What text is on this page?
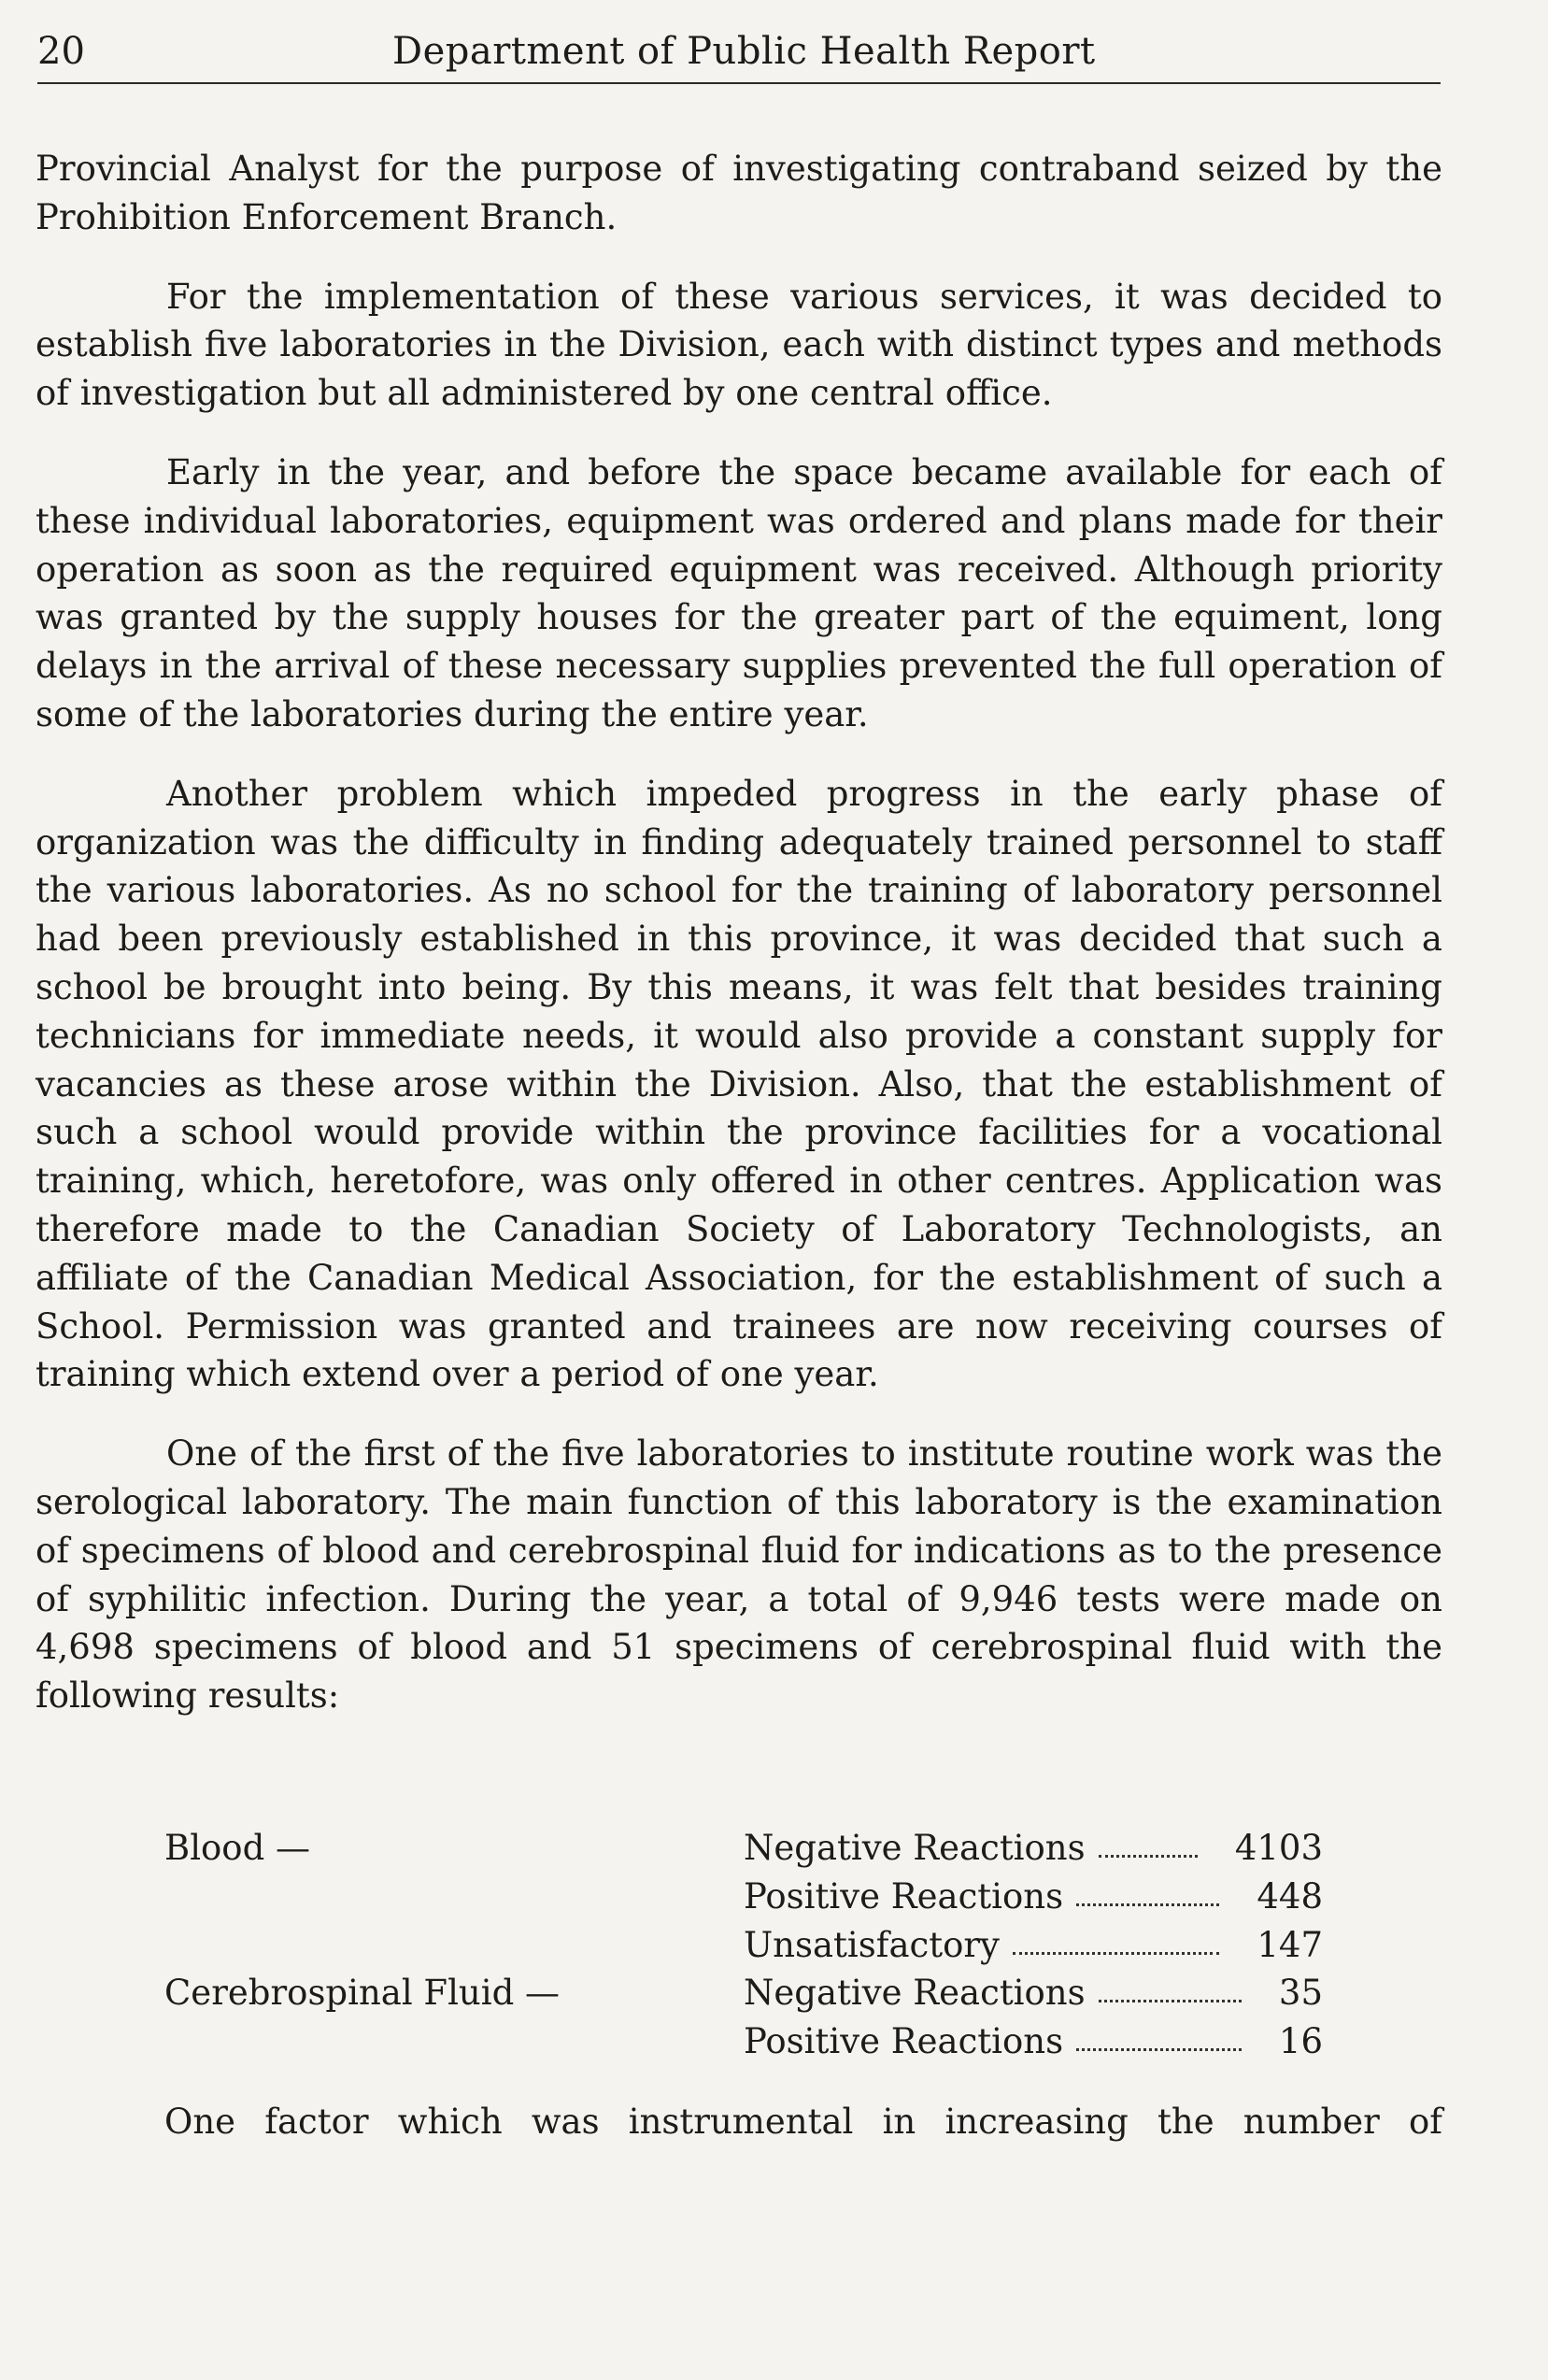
20	Department of Public Health Report

Provincial Analyst for the purpose of investigating contraband seized by the Prohibition Enforcement Branch.

For the implementation of these various services, it was decided to establish five laboratories in the Division, each with distinct types and methods of investigation but all administered by one central office.

Early in the year, and before the space became available for each of these individual laboratories, equipment was ordered and plans made for their operation as soon as the required equipment was received. Although priority was granted by the supply houses for the greater part of the equiment, long delays in the arrival of these necessary supplies prevented the full operation of some of the laboratories during the entire year.

Another problem which impeded progress in the early phase of organization was the difficulty in finding adequately trained personnel to staff the various laboratories. As no school for the training of laboratory personnel had been previously established in this province, it was decided that such a school be brought into being. By this means, it was felt that besides training technicians for immediate needs, it would also provide a constant supply for vacancies as these arose within the Division. Also, that the establishment of such a school would provide within the province facilities for a vocational training, which, heretofore, was only offered in other centres. Application was therefore made to the Canadian Society of Laboratory Technologists, an affiliate of the Canadian Medical Association, for the establishment of such a School. Permission was granted and trainees are now receiving courses of training which extend over a period of one year.

One of the first of the five laboratories to institute routine work was the serological laboratory. The main function of this laboratory is the examination of specimens of blood and cerebrospinal fluid for indications as to the presence of syphilitic infection. During the year, a total of 9,946 tests were made on 4,698 specimens of blood and 51 specimens of cerebrospinal fluid with the following results:

Blood —	Negative Reactions	4103
Positive Reactions	448
Unsatisfactory	147
Cerebrospinal Fluid —	Negative Reactions	35
Positive Reactions	16
One factor which was instrumental in increasing the number of
